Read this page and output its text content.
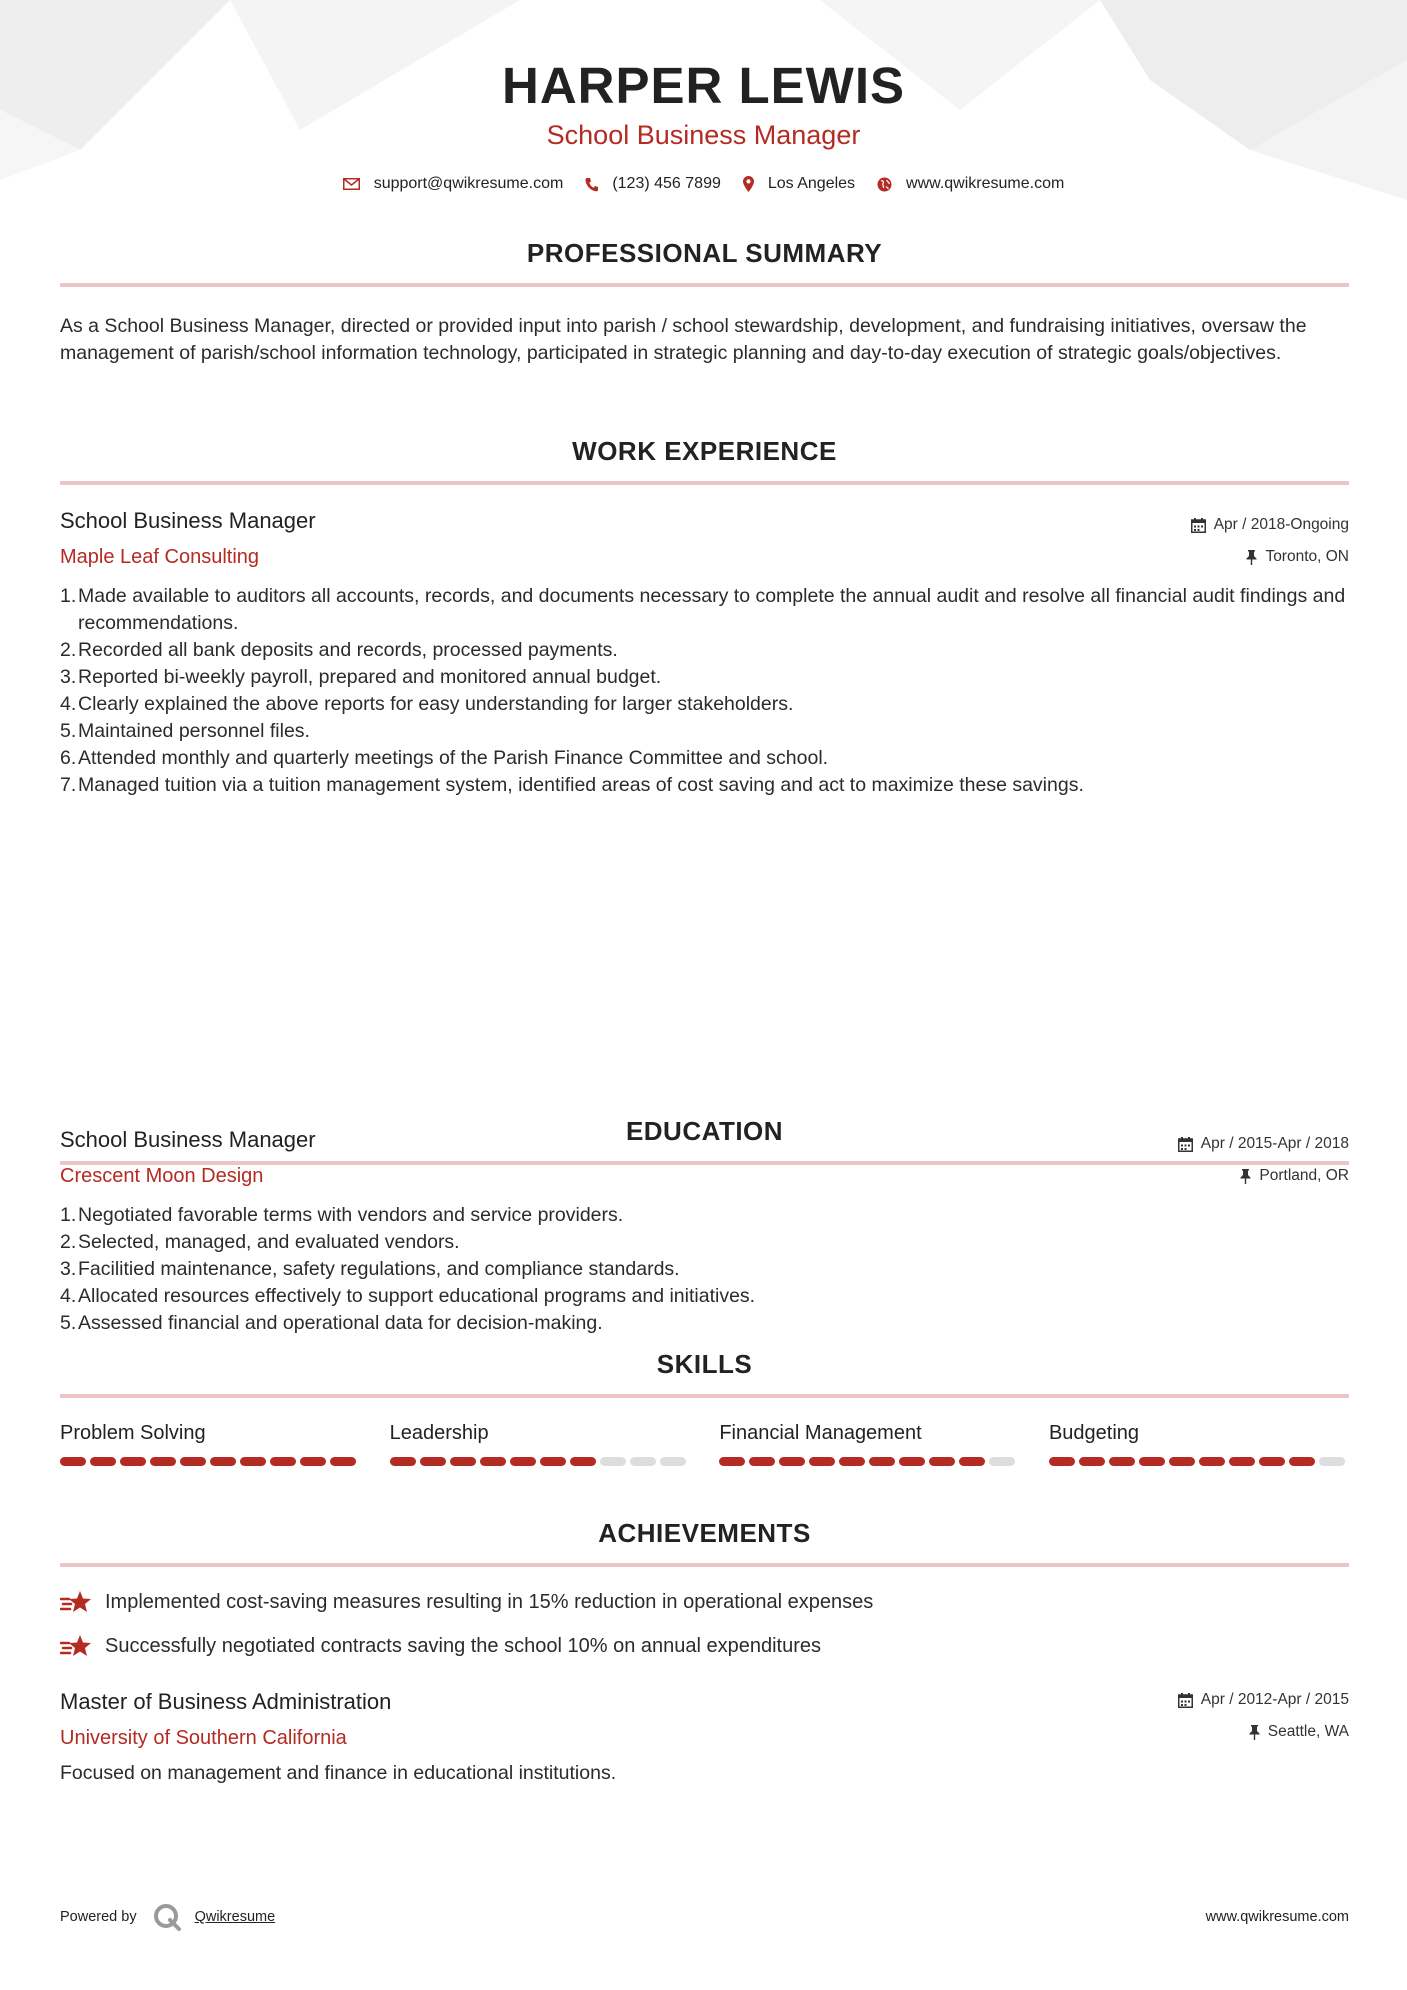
HARPER LEWIS
School Business Manager
support@qwikresume.com	(123) 456 7899	Los Angeles	www.qwikresume.com
PROFESSIONAL SUMMARY
As a School Business Manager, directed or provided input into parish / school stewardship, development, and fundraising initiatives, oversaw the management of parish/school information technology, participated in strategic planning and day-to-day execution of strategic goals/objectives.
WORK EXPERIENCE
School Business Manager
Maple Leaf Consulting
Apr / 2018-Ongoing
Toronto, ON
1. Made available to auditors all accounts, records, and documents necessary to complete the annual audit and resolve all financial audit findings and recommendations.
2. Recorded all bank deposits and records, processed payments.
3. Reported bi-weekly payroll, prepared and monitored annual budget.
4. Clearly explained the above reports for easy understanding for larger stakeholders.
5. Maintained personnel files.
6. Attended monthly and quarterly meetings of the Parish Finance Committee and school.
7. Managed tuition via a tuition management system, identified areas of cost saving and act to maximize these savings.
School Business Manager
Crescent Moon Design
Apr / 2015-Apr / 2018
Portland, OR
1. Negotiated favorable terms with vendors and service providers.
2. Selected, managed, and evaluated vendors.
3. Facilitied maintenance, safety regulations, and compliance standards.
4. Allocated resources effectively to support educational programs and initiatives.
5. Assessed financial and operational data for decision-making.
EDUCATION
Master of Business Administration
University of Southern California
Apr / 2012-Apr / 2015
Seattle, WA
Focused on management and finance in educational institutions.
SKILLS
Problem Solving	Leadership	Financial Management	Budgeting
ACHIEVEMENTS
Implemented cost-saving measures resulting in 15% reduction in operational expenses
Successfully negotiated contracts saving the school 10% on annual expenditures
Powered by	Qwikresume	www.qwikresume.com
